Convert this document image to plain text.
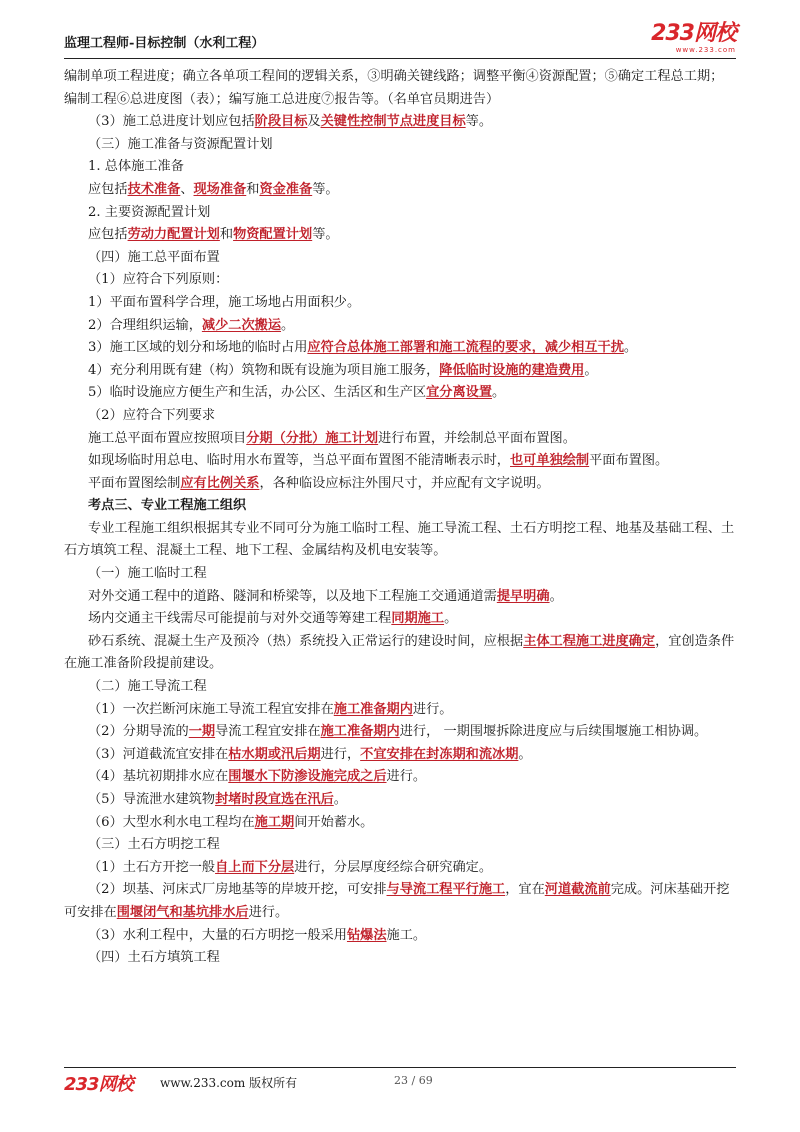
监理工程师-目标控制（水利工程）	233网校
www.233.com

编制单项工程进度；确立各单项工程间的逻辑关系，③明确关键线路；调整平衡④资源配置；⑤确定工程总工期；编制工程⑥总进度图（表）；编写施工总进度⑦报告等。（名单官员期进告）

（3）施工总进度计划应包括阶段目标及关键性控制节点进度目标等。

（三）施工准备与资源配置计划

1. 总体施工准备

应包括技术准备、现场准备和资金准备等。

2. 主要资源配置计划

应包括劳动力配置计划和物资配置计划等。

（四）施工总平面布置

（1）应符合下列原则：

1）平面布置科学合理，施工场地占用面积少。

2）合理组织运输，减少二次搬运。

3）施工区域的划分和场地的临时占用应符合总体施工部署和施工流程的要求，减少相互干扰。

4）充分利用既有建（构）筑物和既有设施为项目施工服务，降低临时设施的建造费用。

5）临时设施应方便生产和生活，办公区、生活区和生产区宜分离设置。

（2）应符合下列要求

施工总平面布置应按照项目分期（分批）施工计划进行布置，并绘制总平面布置图。

如现场临时用总电、临时用水布置等，当总平面布置图不能清晰表示时，也可单独绘制平面布置图。

平面布置图绘制应有比例关系，各种临设应标注外围尺寸，并应配有文字说明。

考点三、专业工程施工组织

专业工程施工组织根据其专业不同可分为施工临时工程、施工导流工程、土石方明挖工程、地基及基础工程、土石方填筑工程、混凝土工程、地下工程、金属结构及机电安装等。

（一）施工临时工程

对外交通工程中的道路、隧洞和桥梁等，以及地下工程施工交通通道需提早明确。

场内交通主干线需尽可能提前与对外交通等筹建工程同期施工。

砂石系统、混凝土生产及预冷（热）系统投入正常运行的建设时间，应根据主体工程施工进度确定，宜创造条件在施工准备阶段提前建设。

（二）施工导流工程

（1）一次拦断河床施工导流工程宜安排在施工准备期内进行。

（2）分期导流的一期导流工程宜安排在施工准备期内进行， 一期围堰拆除进度应与后续围堰施工相协调。

（3）河道截流宜安排在枯水期或汛后期进行，不宜安排在封冻期和流冰期。

（4）基坑初期排水应在围堰水下防渗设施完成之后进行。

（5）导流泄水建筑物封堵时段宜选在汛后。

（6）大型水利水电工程均在施工期间开始蓄水。

（三）土石方明挖工程

（1）土石方开挖一般自上而下分层进行，分层厚度经综合研究确定。

（2）坝基、河床式厂房地基等的岸坡开挖，可安排与导流工程平行施工，宜在河道截流前完成。河床基础开挖可安排在围堰闭气和基坑排水后进行。

（3）水利工程中，大量的石方明挖一般采用钻爆法施工。

（四）土石方填筑工程

233网校 www.233.com 版权所有	23 / 69
